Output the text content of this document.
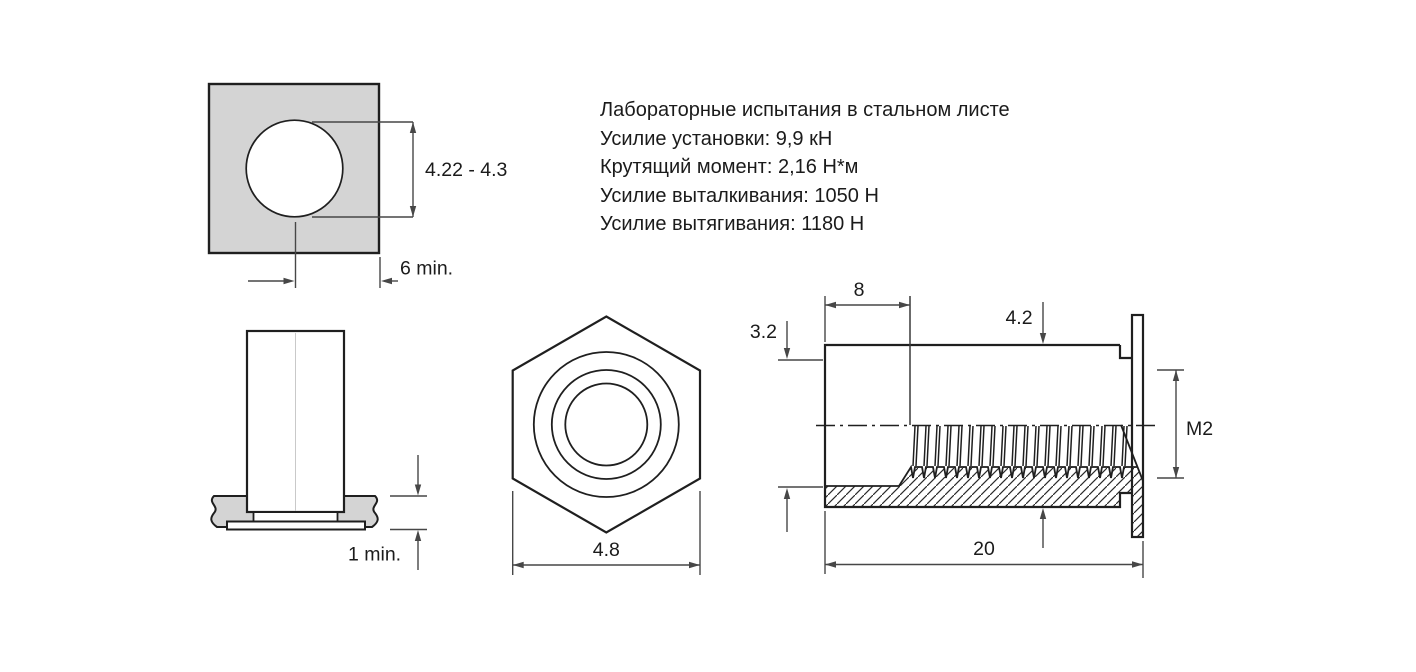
Лабораторные испытания в стальном листе
Усилие установки: 9,9 кН
Крутящий момент: 2,16 Н*м
Усилие выталкивания: 1050 Н
Усилие вытягивания: 1180 Н
4.22 - 4.3
6 min.
1 min.	4.8
8
3.2
4.2
M2
20
